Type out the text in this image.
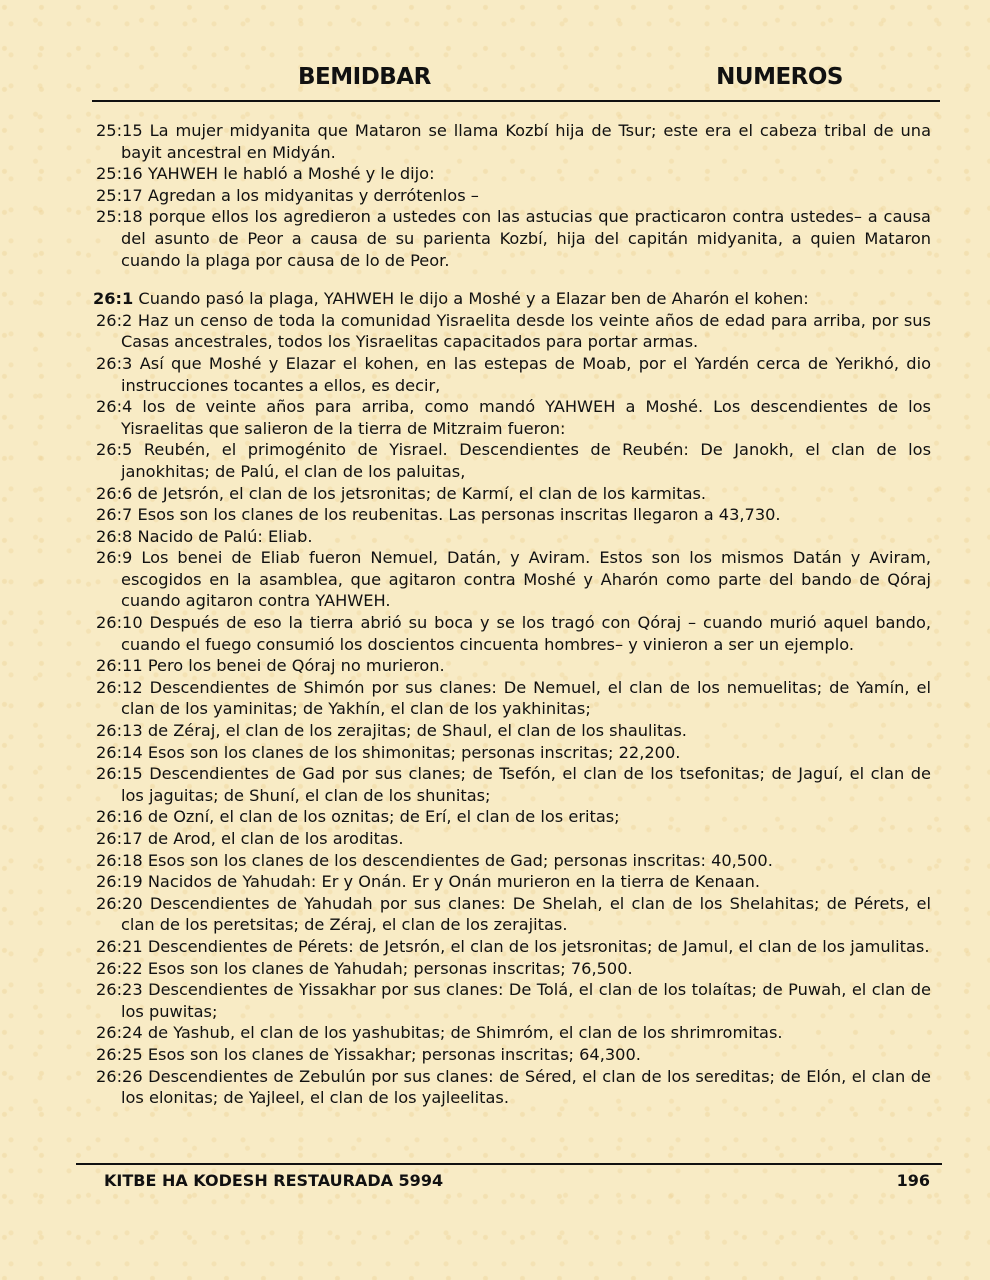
BEMIDBAR	NUMEROS

25:15 La mujer midyanita que Mataron se llama Kozbí hija de Tsur; este era el cabeza tribal de una bayit ancestral en Midyán.

25:16 YAHWEH le habló a Moshé y le dijo:

25:17 Agredan a los midyanitas y derrótenlos –

25:18 porque ellos los agredieron a ustedes con las astucias que practicaron contra ustedes– a causa del asunto de Peor a causa de su parienta Kozbí, hija del capitán midyanita, a quien Mataron cuando la plaga por causa de lo de Peor.

26:1 Cuando pasó la plaga, YAHWEH le dijo a Moshé y a Elazar ben de Aharón el kohen:

26:2 Haz un censo de toda la comunidad Yisraelita desde los veinte años de edad para arriba, por sus Casas ancestrales, todos los Yisraelitas capacitados para portar armas.

26:3 Así que Moshé y Elazar el kohen, en las estepas de Moab, por el Yardén cerca de Yerikhó, dio instrucciones tocantes a ellos, es decir,

26:4 los de veinte años para arriba, como mandó YAHWEH a Moshé. Los descendientes de los Yisraelitas que salieron de la tierra de Mitzraim fueron:

26:5 Reubén, el primogénito de Yisrael. Descendientes de Reubén: De Janokh, el clan de los janokhitas; de Palú, el clan de los paluitas,

26:6 de Jetsrón, el clan de los jetsronitas; de Karmí, el clan de los karmitas.

26:7 Esos son los clanes de los reubenitas. Las personas inscritas llegaron a 43,730.

26:8 Nacido de Palú: Eliab.

26:9 Los benei de Eliab fueron Nemuel, Datán, y Aviram. Estos son los mismos Datán y Aviram, escogidos en la asamblea, que agitaron contra Moshé y Aharón como parte del bando de Qóraj cuando agitaron contra YAHWEH.

26:10 Después de eso la tierra abrió su boca y se los tragó con Qóraj – cuando murió aquel bando, cuando el fuego consumió los doscientos cincuenta hombres– y vinieron a ser un ejemplo.

26:11 Pero los benei de Qóraj no murieron.

26:12 Descendientes de Shimón por sus clanes: De Nemuel, el clan de los nemuelitas; de Yamín, el clan de los yaminitas; de Yakhín, el clan de los yakhinitas;

26:13 de Zéraj, el clan de los zerajitas; de Shaul, el clan de los shaulitas.

26:14 Esos son los clanes de los shimonitas; personas inscritas; 22,200.

26:15 Descendientes de Gad por sus clanes; de Tsefón, el clan de los tsefonitas; de Jaguí, el clan de los jaguitas; de Shuní, el clan de los shunitas;

26:16 de Ozní, el clan de los oznitas; de Erí, el clan de los eritas;

26:17 de Arod, el clan de los aroditas.

26:18 Esos son los clanes de los descendientes de Gad; personas inscritas: 40,500.

26:19 Nacidos de Yahudah: Er y Onán. Er y Onán murieron en la tierra de Kenaan.

26:20 Descendientes de Yahudah por sus clanes: De Shelah, el clan de los Shelahitas; de Pérets, el clan de los peretsitas; de Zéraj, el clan de los zerajitas.

26:21 Descendientes de Pérets: de Jetsrón, el clan de los jetsronitas; de Jamul, el clan de los jamulitas.

26:22 Esos son los clanes de Yahudah; personas inscritas; 76,500.

26:23 Descendientes de Yissakhar por sus clanes: De Tolá, el clan de los tolaítas; de Puwah, el clan de los puwitas;

26:24 de Yashub, el clan de los yashubitas; de Shimróm, el clan de los shrimromitas.

26:25 Esos son los clanes de Yissakhar; personas inscritas; 64,300.

26:26 Descendientes de Zebulún por sus clanes: de Séred, el clan de los sereditas; de Elón, el clan de los elonitas; de Yajleel, el clan de los yajleelitas.

KITBE HA KODESH RESTAURADA 5994	196
